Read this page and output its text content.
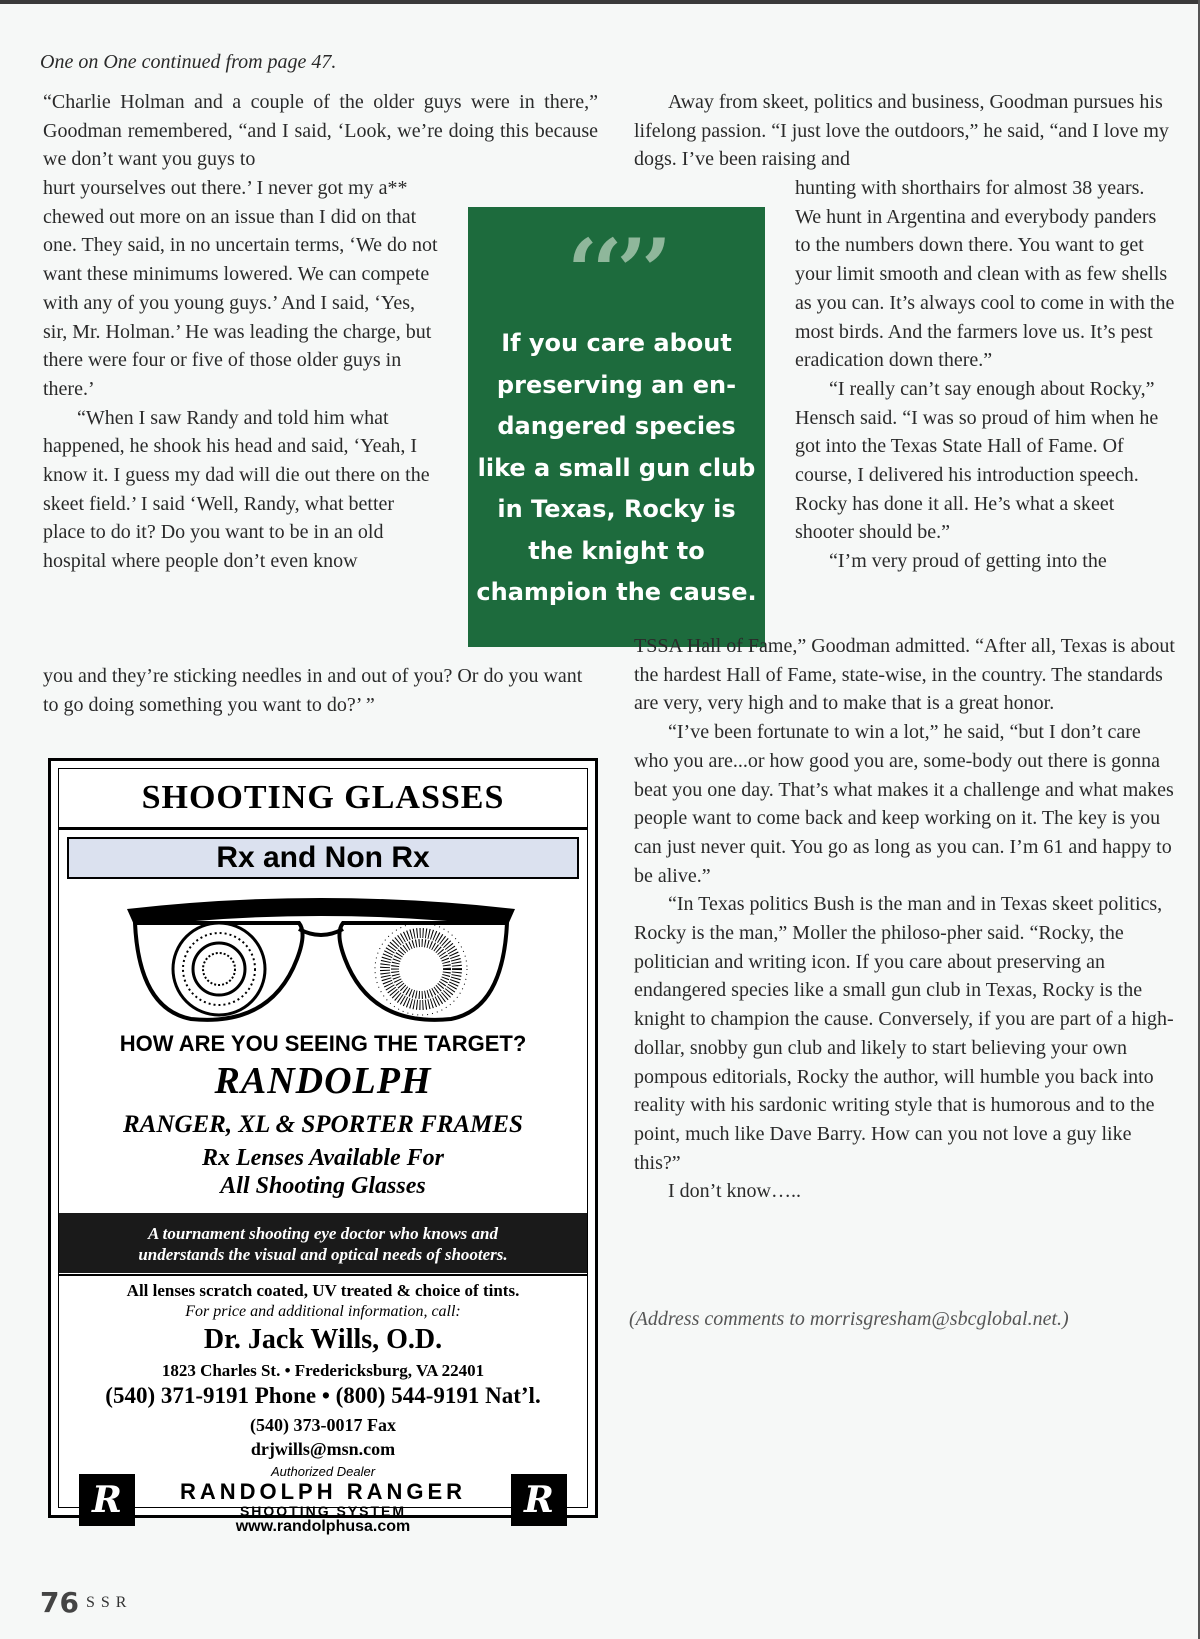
One on One continued from page 47.

“Charlie Holman and a couple of the older guys were in there,” Goodman remembered, “and I said, ‘Look, we’re doing this because we don’t want you guys to

hurt yourselves out there.’ I never got my a** chewed out more on an issue than I did on that one. They said, in no uncertain terms, ‘We do not want these minimums lowered. We can compete with any of you young guys.’ And I said, ‘Yes, sir, Mr. Holman.’ He was leading the charge, but there were four or five of those older guys in there.’

“When I saw Randy and told him what happened, he shook his head and said, ‘Yeah, I know it. I guess my dad will die out there on the skeet field.’ I said ‘Well, Randy, what better place to do it? Do you want to be in an old hospital where people don’t even know

you and they’re sticking needles in and out of you? Or do you want to go doing something you want to do?’ ”

‘‘’’
If you care about preserving an en-dangered species like a small gun club in Texas, Rocky is the knight to champion the cause.

Away from skeet, politics and business, Goodman pursues his lifelong passion. “I just love the outdoors,” he said, “and I love my dogs. I’ve been raising and

hunting with shorthairs for almost 38 years. We hunt in Argentina and everybody panders to the numbers down there. You want to get your limit smooth and clean with as few shells as you can. It’s always cool to come in with the most birds. And the farmers love us. It’s pest eradication down there.”

“I really can’t say enough about Rocky,” Hensch said. “I was so proud of him when he got into the Texas State Hall of Fame. Of course, I delivered his introduction speech. Rocky has done it all. He’s what a skeet shooter should be.”

“I’m very proud of getting into the

TSSA Hall of Fame,” Goodman admitted. “After all, Texas is about the hardest Hall of Fame, state-wise, in the country. The standards are very, very high and to make that is a great honor.

“I’ve been fortunate to win a lot,” he said, “but I don’t care who you are...or how good you are, some-body out there is gonna beat you one day. That’s what makes it a challenge and what makes people want to come back and keep working on it. The key is you can just never quit. You go as long as you can. I’m 61 and happy to be alive.”

“In Texas politics Bush is the man and in Texas skeet politics, Rocky is the man,” Moller the philoso-pher said. “Rocky, the politician and writing icon. If you care about preserving an endangered species like a small gun club in Texas, Rocky is the knight to champion the cause. Conversely, if you are part of a high-dollar, snobby gun club and likely to start believing your own pompous editorials, Rocky the author, will humble you back into reality with his sardonic writing style that is humorous and to the point, much like Dave Barry. How can you not love a guy like this?”

I don’t know…..

(Address comments to morrisgresham@sbcglobal.net.)
SHOOTING GLASSES
Rx and Non Rx
HOW ARE YOU SEEING THE TARGET?
RANDOLPH
RANGER, XL & SPORTER FRAMES
Rx Lenses Available For
All Shooting Glasses
A tournament shooting eye doctor who knows and
understands the visual and optical needs of shooters.
All lenses scratch coated, UV treated & choice of tints.
For price and additional information, call:
Dr. Jack Wills, O.D.
1823 Charles St. • Fredericksburg, VA 22401
(540) 371-9191 Phone • (800) 544-9191 Nat’l.
(540) 373-0017 Fax
drjwills@msn.com
Authorized Dealer
RANDOLPH RANGER
SHOOTING SYSTEM
www.randolphusa.com
R	R
76 SSR
